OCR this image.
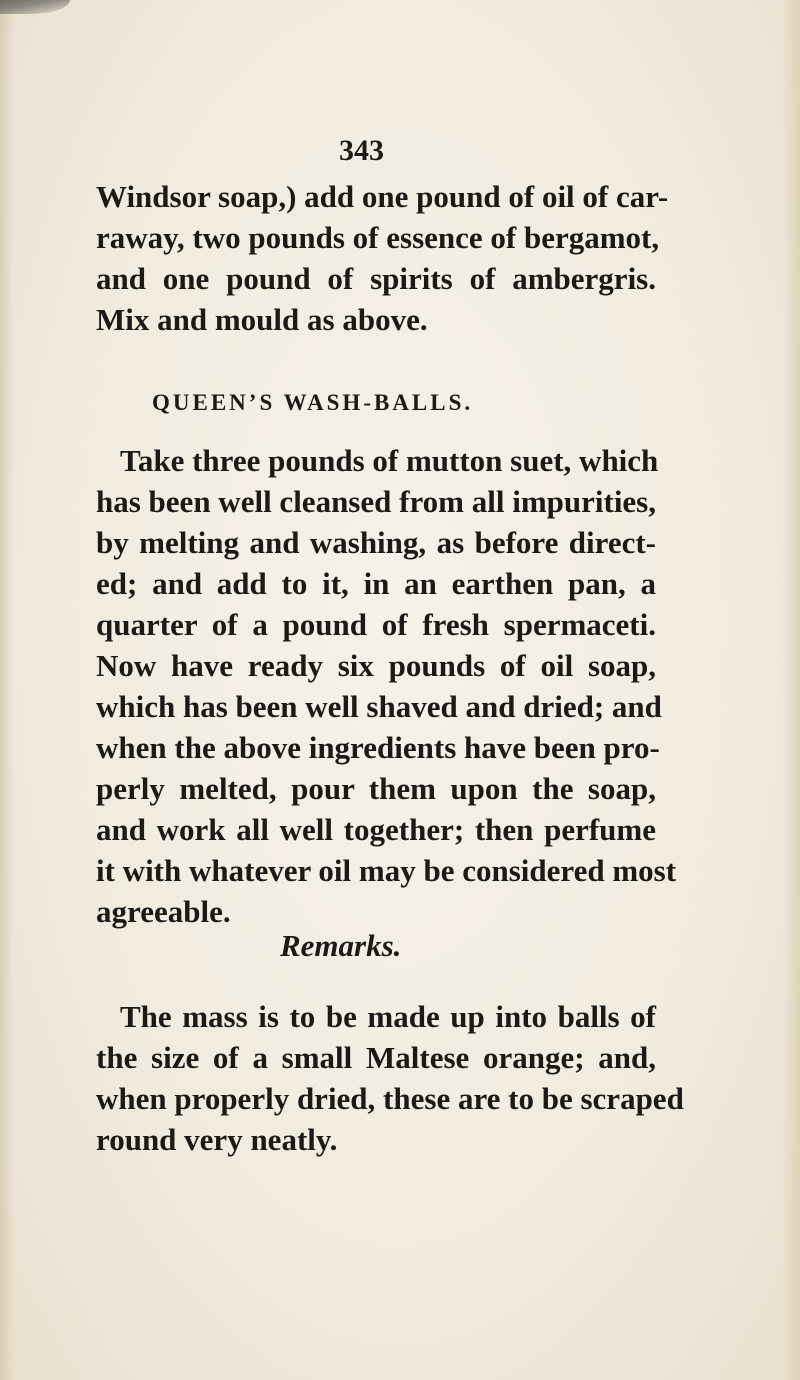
343
Windsor soap,) add one pound of oil of car-
raway, two pounds of essence of bergamot,
and one pound of spirits of ambergris.
Mix and mould as above.
QUEEN’S WASH-BALLS.
Take three pounds of mutton suet, which
has been well cleansed from all impurities,
by melting and washing, as before direct-
ed; and add to it, in an earthen pan, a
quarter of a pound of fresh spermaceti.
Now have ready six pounds of oil soap,
which has been well shaved and dried; and
when the above ingredients have been pro-
perly melted, pour them upon the soap,
and work all well together; then perfume
it with whatever oil may be considered most
agreeable.
Remarks.
The mass is to be made up into balls of
the size of a small Maltese orange; and,
when properly dried, these are to be scraped
round very neatly.
